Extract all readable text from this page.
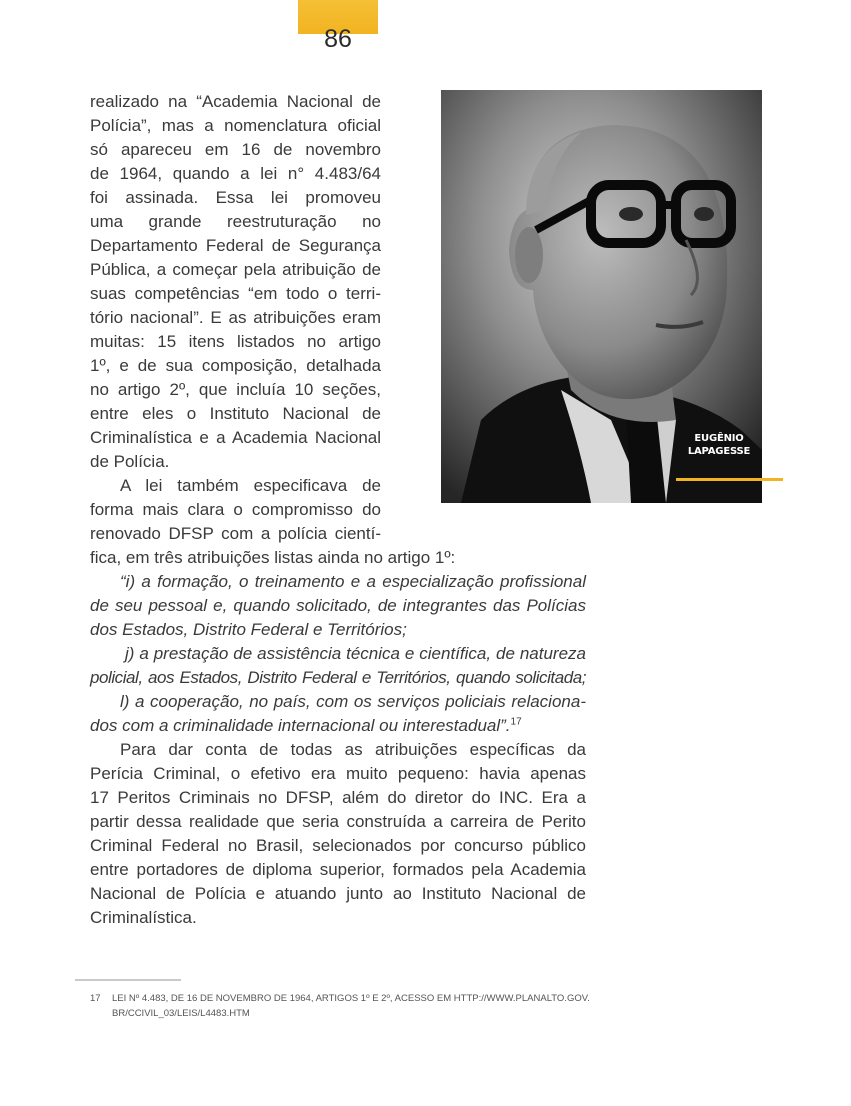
86
realizado na “Academia Nacional de
Polícia”, mas a nomenclatura oficial
só apareceu em 16 de novembro
de 1964, quando a lei n° 4.483/64
foi assinada. Essa lei promoveu
uma grande reestruturação no
Departamento Federal de Segurança
Pública, a começar pela atribuição de
suas competências “em todo o terri-
tório nacional”. E as atribuições eram
muitas: 15 itens listados no artigo
1º, e de sua composição, detalhada
no artigo 2º, que incluía 10 seções,
entre eles o Instituto Nacional de
Criminalística e a Academia Nacional
de Polícia.
A lei também especificava de
forma mais clara o compromisso do
renovado DFSP com a polícia cientí-
fica, em três atribuições listas ainda no artigo 1º:
“i) a formação, o treinamento e a especialização profissional
de seu pessoal e, quando solicitado, de integrantes das Polícias
dos Estados, Distrito Federal e Territórios;
j) a prestação de assistência técnica e científica, de natureza
policial, aos Estados, Distrito Federal e Territórios, quando solicitada;
l) a cooperação, no país, com os serviços policiais relaciona-
dos com a criminalidade internacional ou interestadual”.$^{17}$
Para dar conta de todas as atribuições específicas da
Perícia Criminal, o efetivo era muito pequeno: havia apenas
17 Peritos Criminais no DFSP, além do diretor do INC. Era a
partir dessa realidade que seria construída a carreira de Perito
Criminal Federal no Brasil, selecionados por concurso público
entre portadores de diploma superior, formados pela Academia
Nacional de Polícia e atuando junto ao Instituto Nacional de
Criminalística.
EUGÊNIO
LAPAGESSE
17 LEI Nº 4.483, DE 16 DE NOVEMBRO DE 1964, ARTIGOS 1º E 2º, ACESSO EM HTTP://WWW.PLANALTO.GOV.
BR/CCIVIL_03/LEIS/L4483.HTM
